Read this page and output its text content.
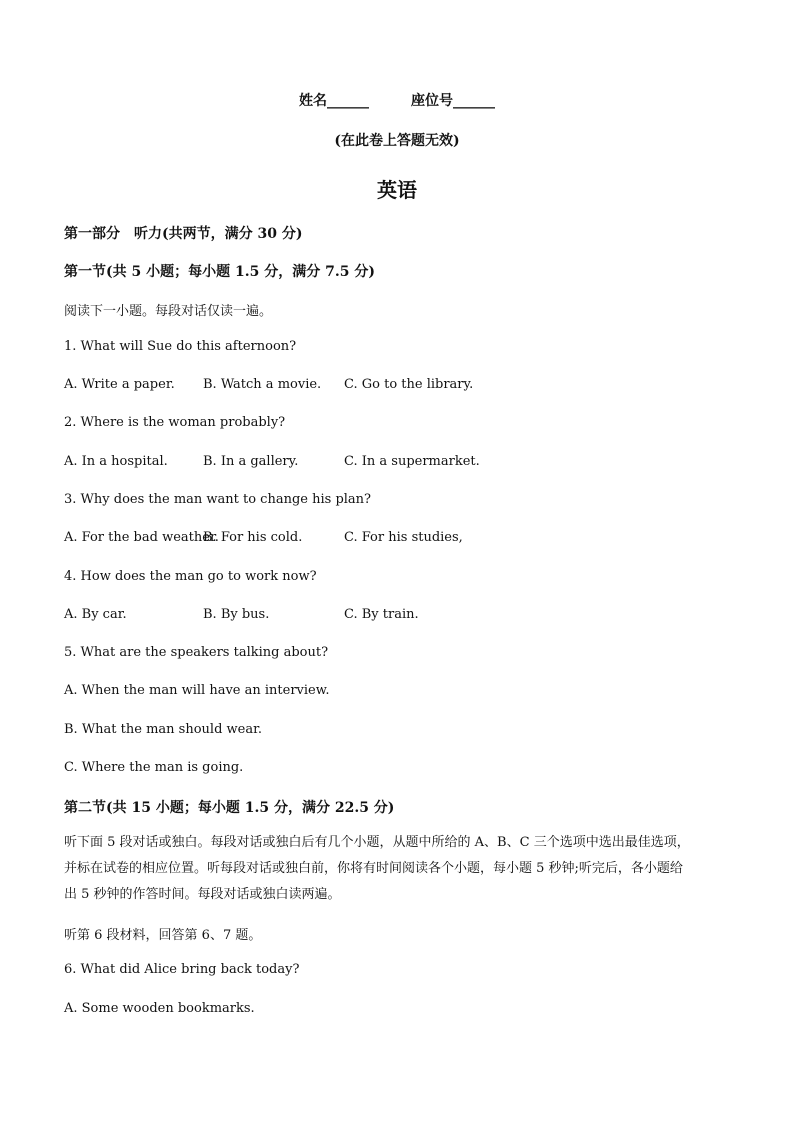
姓名______	座位号______
(在此卷上答题无效)
英语
第一部分　听力(共两节，满分 30 分)
第一节(共 5 小题；每小题 1.5 分，满分 7.5 分)
阅读下一小题。每段对话仅读一遍。
1. What will Sue do this afternoon?
A. Write a paper. B. Watch a movie. C. Go to the library.
2. Where is the woman probably?
A. In a hospital.	B. In a gallery.	C. In a supermarket.
3. Why does the man want to change his plan?
A. For the bad weather.
B. For his cold.	C. For his studies,
4. How does the man go to work now?
A. By car.	B. By bus.	C. By train.
5. What are the speakers talking about?
A. When the man will have an interview.
B. What the man should wear.
C. Where the man is going.
第二节(共 15 小题；每小题 1.5 分，满分 22.5 分)
听下面 5 段对话或独白。每段对话或独白后有几个小题，从题中所给的 A、B、C 三个选项中选出最佳选项，
并标在试卷的相应位置。听每段对话或独白前，你将有时间阅读各个小题，每小题 5 秒钟;听完后，各小题给
出 5 秒钟的作答时间。每段对话或独白读两遍。
听第 6 段材料，回答第 6、7 题。
6. What did Alice bring back today?
A. Some wooden bookmarks.
